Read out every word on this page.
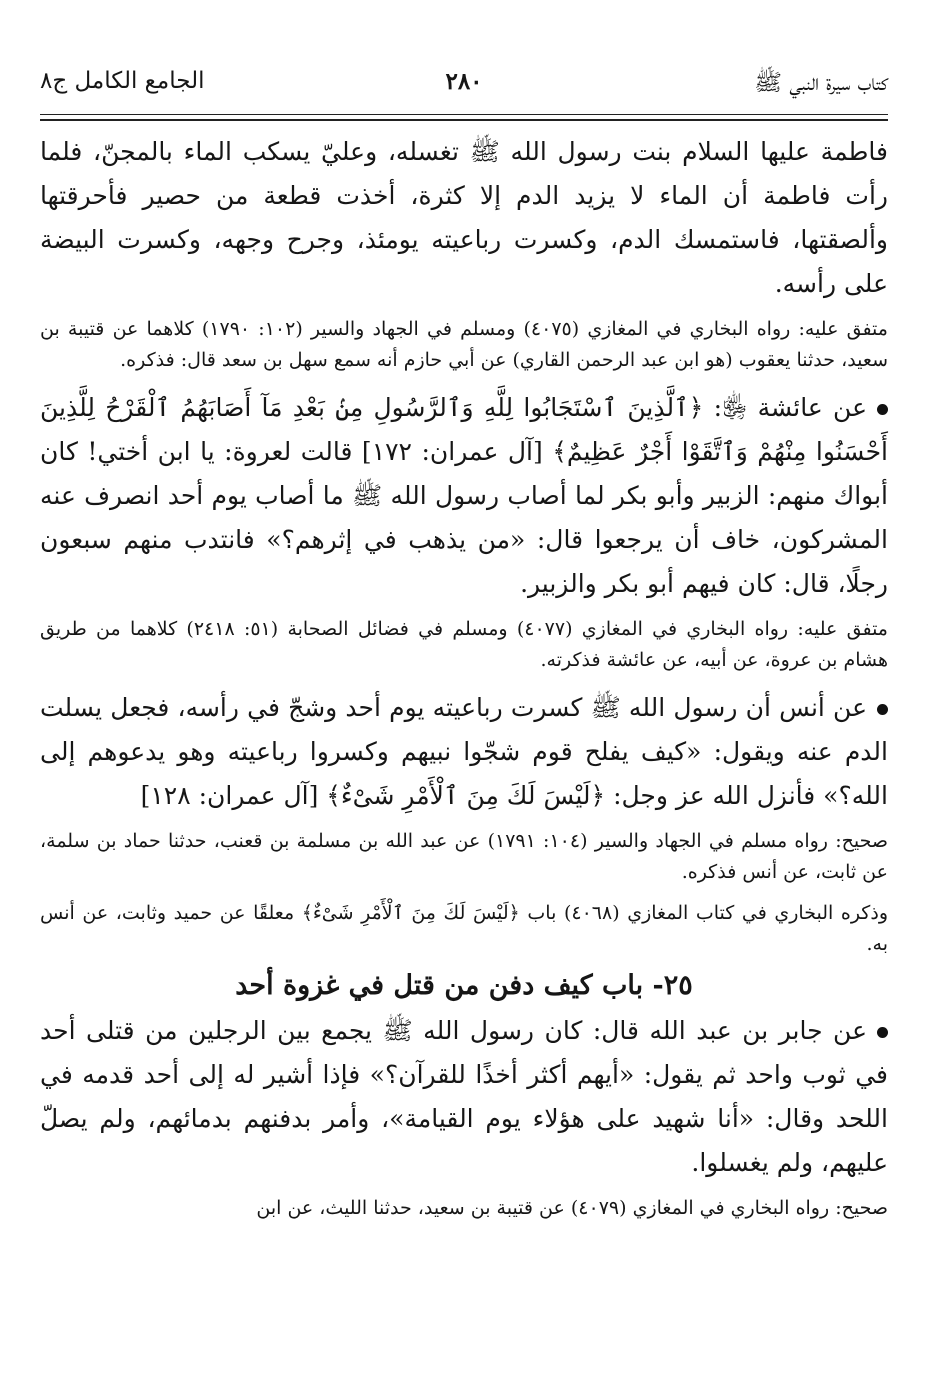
كتاب سيرة النبي ﷺ
٢٨٠
الجامع الكامل ج٨

فاطمة عليها السلام بنت رسول الله ﷺ تغسله، وعليّ يسكب الماء بالمجنّ، فلما رأت فاطمة أن الماء لا يزيد الدم إلا كثرة، أخذت قطعة من حصير فأحرقتها وألصقتها، فاستمسك الدم، وكسرت رباعيته يومئذ، وجرح وجهه، وكسرت البيضة على رأسه.

متفق عليه: رواه البخاري في المغازي (٤٠٧٥) ومسلم في الجهاد والسير (١٠٢: ١٧٩٠) كلاهما عن قتيبة بن سعيد، حدثنا يعقوب (هو ابن عبد الرحمن القاري) عن أبي حازم أنه سمع سهل بن سعد قال: فذكره.

عن عائشة ﵂: ﴿ٱلَّذِينَ ٱسْتَجَابُوا لِلَّهِ وَٱلرَّسُولِ مِنۢ بَعْدِ مَآ أَصَابَهُمُ ٱلْقَرْحُ لِلَّذِينَ أَحْسَنُوا مِنْهُمْ وَٱتَّقَوْا أَجْرٌ عَظِيمٌ﴾ [آل عمران: ١٧٢] قالت لعروة: يا ابن أختي! كان أبواك منهم: الزبير وأبو بكر لما أصاب رسول الله ﷺ ما أصاب يوم أحد انصرف عنه المشركون، خاف أن يرجعوا قال: «من يذهب في إثرهم؟» فانتدب منهم سبعون رجلًا، قال: كان فيهم أبو بكر والزبير.

متفق عليه: رواه البخاري في المغازي (٤٠٧٧) ومسلم في فضائل الصحابة (٥١: ٢٤١٨) كلاهما من طريق هشام بن عروة، عن أبيه، عن عائشة فذكرته.

عن أنس أن رسول الله ﷺ كسرت رباعيته يوم أحد وشجّ في رأسه، فجعل يسلت الدم عنه ويقول: «كيف يفلح قوم شجّوا نبيهم وكسروا رباعيته وهو يدعوهم إلى الله؟» فأنزل الله عز وجل: ﴿لَيْسَ لَكَ مِنَ ٱلْأَمْرِ شَىْءٌ﴾ [آل عمران: ١٢٨]

صحيح: رواه مسلم في الجهاد والسير (١٠٤: ١٧٩١) عن عبد الله بن مسلمة بن قعنب، حدثنا حماد بن سلمة، عن ثابت، عن أنس فذكره.

وذكره البخاري في كتاب المغازي (٤٠٦٨) باب ﴿لَيْسَ لَكَ مِنَ ٱلْأَمْرِ شَىْءٌ﴾ معلقًا عن حميد وثابت، عن أنس به.

٢٥- باب كيف دفن من قتل في غزوة أحد

عن جابر بن عبد الله قال: كان رسول الله ﷺ يجمع بين الرجلين من قتلى أحد في ثوب واحد ثم يقول: «أيهم أكثر أخذًا للقرآن؟» فإذا أشير له إلى أحد قدمه في اللحد وقال: «أنا شهيد على هؤلاء يوم القيامة»، وأمر بدفنهم بدمائهم، ولم يصلّ عليهم، ولم يغسلوا.

صحيح: رواه البخاري في المغازي (٤٠٧٩) عن قتيبة بن سعيد، حدثنا الليث، عن ابن
